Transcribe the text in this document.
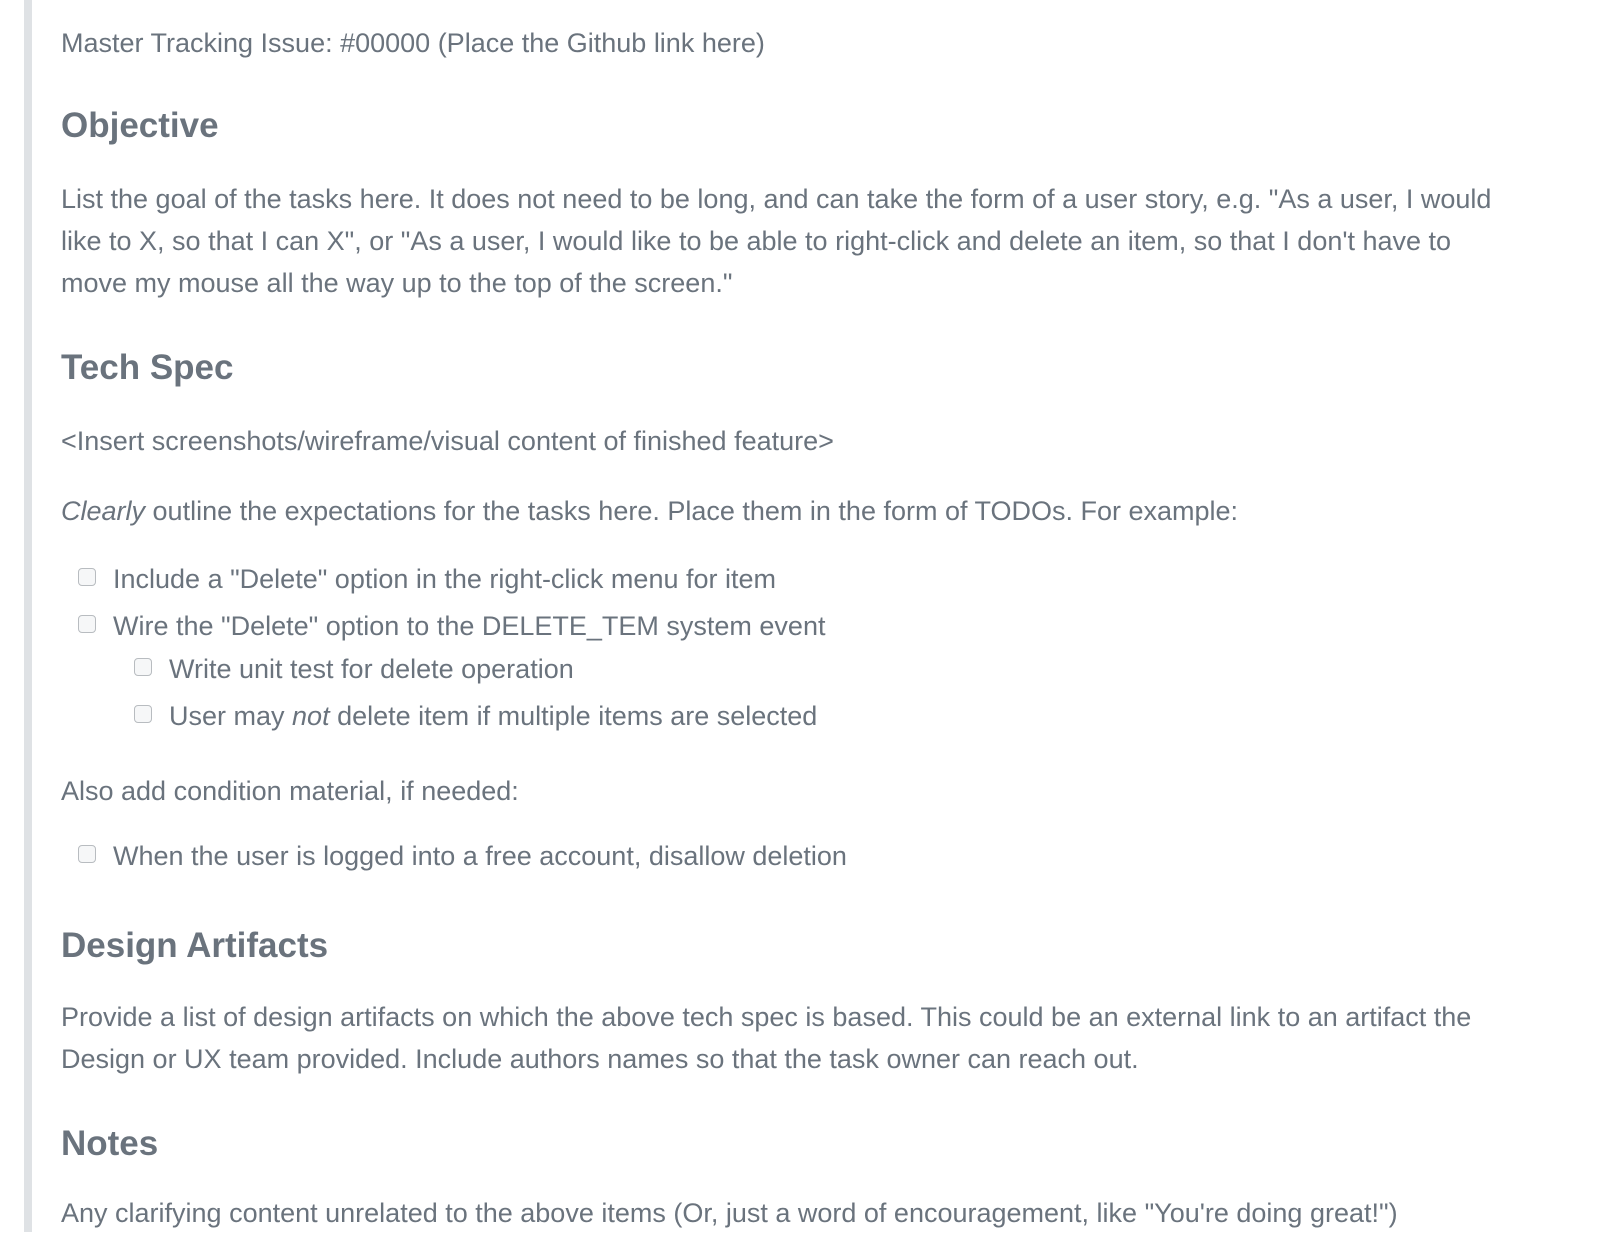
Master Tracking Issue: #00000 (Place the Github link here)

Objective
List the goal of the tasks here. It does not need to be long, and can take the form of a user story, e.g. "As a user, I would
like to X, so that I can X", or "As a user, I would like to be able to right-click and delete an item, so that I don't have to
move my mouse all the way up to the top of the screen."
Tech Spec

<Insert screenshots/wireframe/visual content of finished feature>

Clearly outline the expectations for the tasks here. Place them in the form of TODOs. For example:

Include a "Delete" option in the right-click menu for item
Wire the "Delete" option to the DELETE_TEM system event
Write unit test for delete operation
User may not delete item if multiple items are selected

Also add condition material, if needed:

When the user is logged into a free account, disallow deletion
Design Artifacts
Provide a list of design artifacts on which the above tech spec is based. This could be an external link to an artifact the
Design or UX team provided. Include authors names so that the task owner can reach out.
Notes

Any clarifying content unrelated to the above items (Or, just a word of encouragement, like "You're doing great!")
